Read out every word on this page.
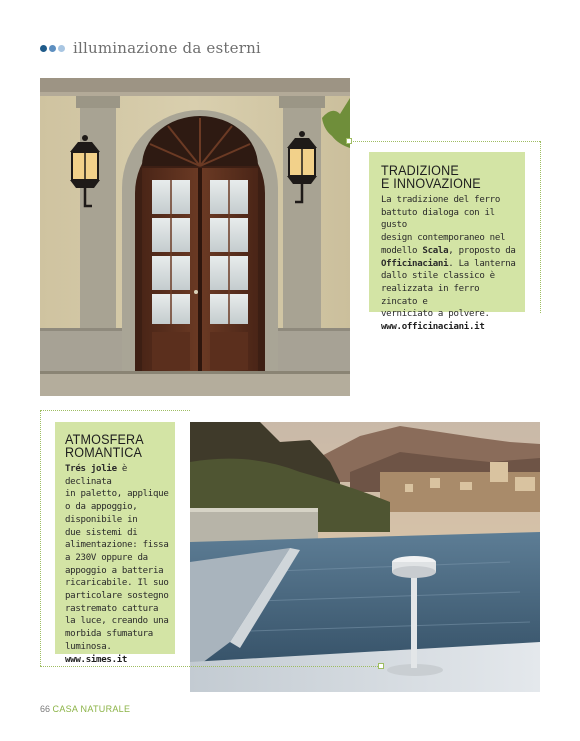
illuminazione da esterni
TRADIZIONE
E INNOVAZIONE
La tradizione del ferro
battuto dialoga con il gusto
design contemporaneo nel
modello Scala, proposto da
Officinaciani. La lanterna
dallo stile classico è
realizzata in ferro zincato e
verniciato a polvere.
www.officinaciani.it
ATMOSFERA
ROMANTICA
Trés jolie è declinata
in paletto, applique
o da appoggio,
disponibile in
due sistemi di
alimentazione: fissa
a 230V oppure da
appoggio a batteria
ricaricabile. Il suo
particolare sostegno
rastremato cattura
la luce, creando una
morbida sfumatura
luminosa.
www.simes.it
66 CASA NATURALE
